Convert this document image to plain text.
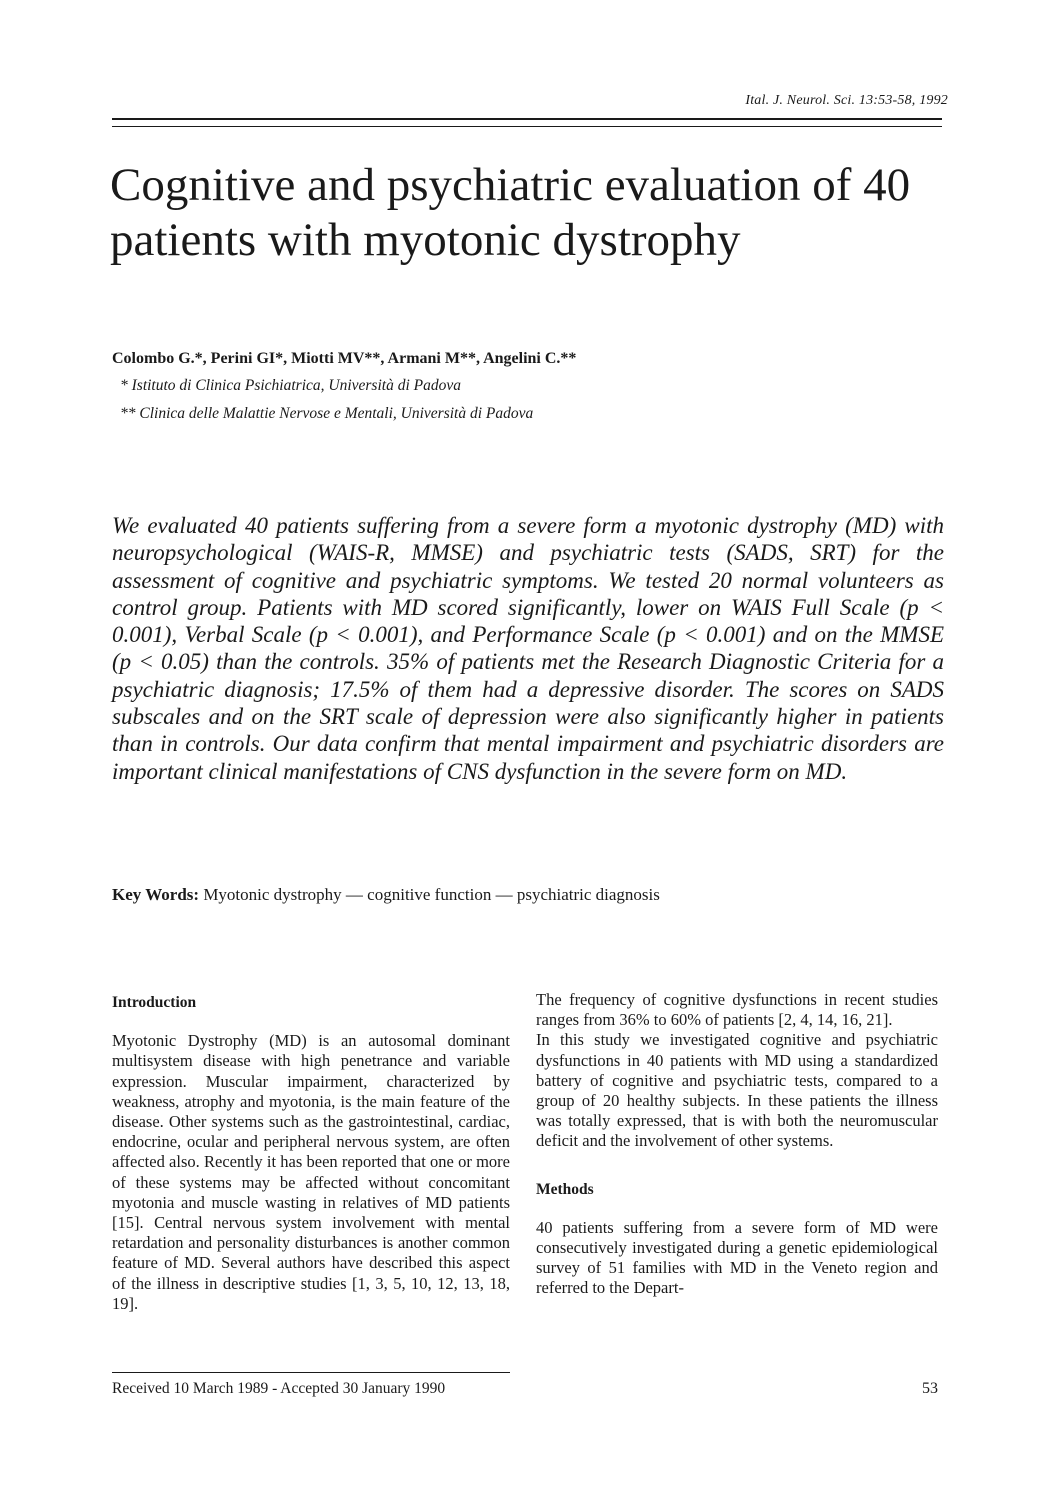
Ital. J. Neurol. Sci. 13:53-58, 1992
Cognitive and psychiatric evaluation of 40 patients with myotonic dystrophy
Colombo G.*, Perini GI*, Miotti MV**, Armani M**, Angelini C.**
* Istituto di Clinica Psichiatrica, Università di Padova
** Clinica delle Malattie Nervose e Mentali, Università di Padova

We evaluated 40 patients suffering from a severe form a myotonic dystrophy (MD) with neuropsychological (WAIS-R, MMSE) and psychiatric tests (SADS, SRT) for the assessment of cognitive and psychiatric symptoms. We tested 20 normal volunteers as control group. Patients with MD scored significantly, lower on WAIS Full Scale (p < 0.001), Verbal Scale (p < 0.001), and Performance Scale (p < 0.001) and on the MMSE (p < 0.05) than the controls. 35% of patients met the Research Diagnostic Criteria for a psychiatric diagnosis; 17.5% of them had a depressive disorder. The scores on SADS subscales and on the SRT scale of depression were also significantly higher in patients than in controls. Our data confirm that mental impairment and psychiatric disorders are important clinical manifestations of CNS dysfunction in the severe form on MD.

Key Words: Myotonic dystrophy — cognitive function — psychiatric diagnosis
Introduction

Myotonic Dystrophy (MD) is an autosomal dominant multisystem disease with high penetrance and variable expression. Muscular impairment, characterized by weakness, atrophy and myotonia, is the main feature of the disease. Other systems such as the gastrointestinal, cardiac, endocrine, ocular and peripheral nervous system, are often affected also. Recently it has been reported that one or more of these systems may be affected without concomitant myotonia and muscle wasting in relatives of MD patients [15]. Central nervous system involvement with mental retardation and personality disturbances is another common feature of MD. Several authors have described this aspect of the illness in descriptive studies [1, 3, 5, 10, 12, 13, 18, 19].

The frequency of cognitive dysfunctions in recent studies ranges from 36% to 60% of patients [2, 4, 14, 16, 21].

In this study we investigated cognitive and psychiatric dysfunctions in 40 patients with MD using a standardized battery of cognitive and psychiatric tests, compared to a group of 20 healthy subjects. In these patients the illness was totally expressed, that is with both the neuromuscular deficit and the involvement of other systems.

Methods

40 patients suffering from a severe form of MD were consecutively investigated during a genetic epidemiological survey of 51 families with MD in the Veneto region and referred to the Depart-

Received 10 March 1989 - Accepted 30 January 1990	53
